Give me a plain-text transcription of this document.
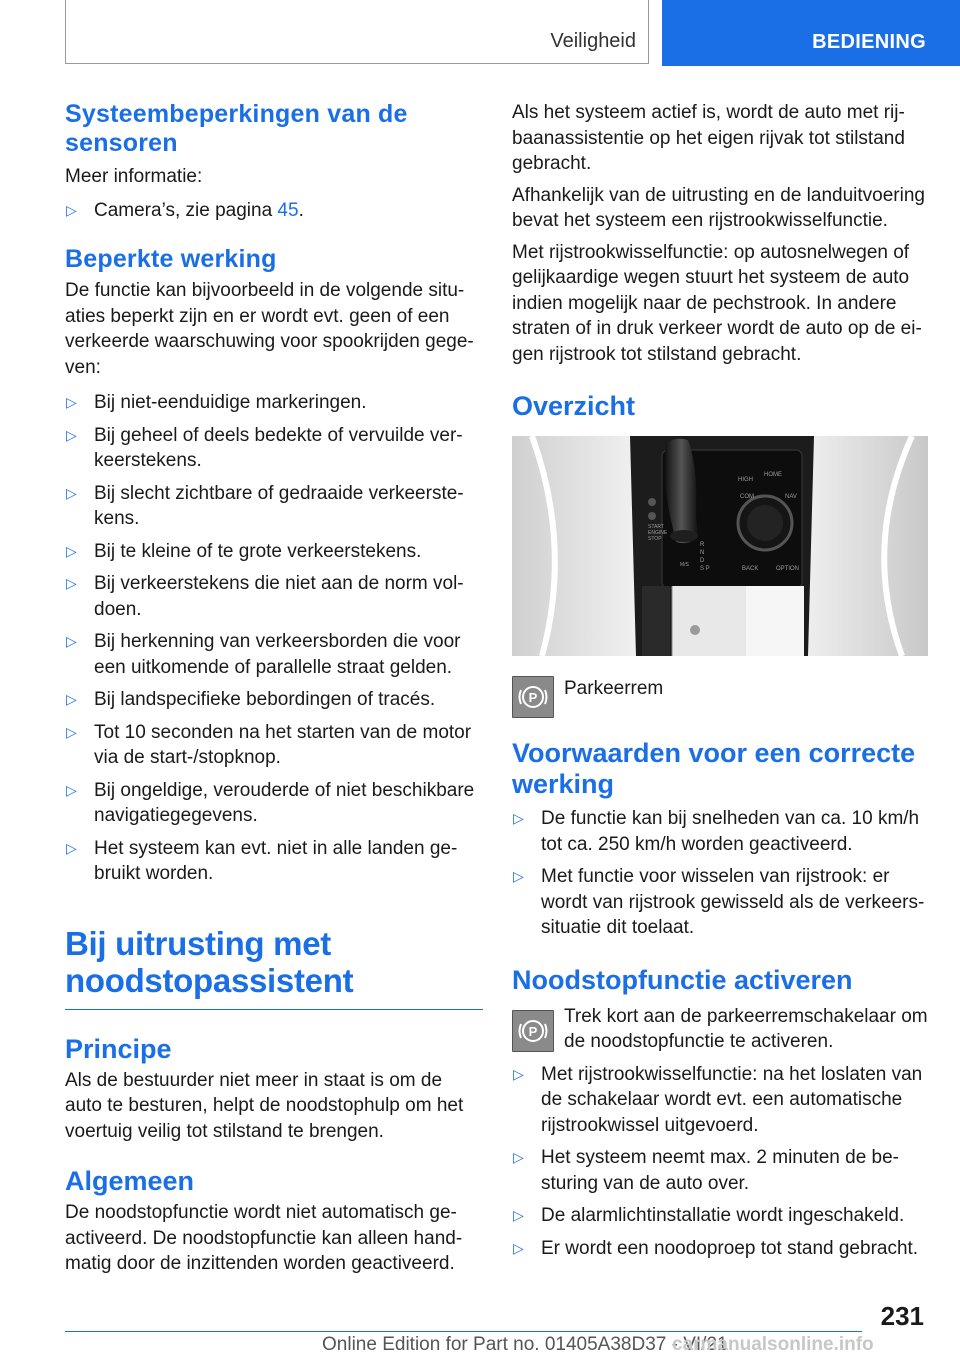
Veiligheid	BEDIENING
Systeembeperkingen van de
sensoren

Meer informatie:

▷ Camera’s, zie pagina 45.
Beperkte werking

De functie kan bijvoorbeeld in de volgende situ-
aties beperkt zijn en er wordt evt. geen of een
verkeerde waarschuwing voor spookrijden gege-
ven:

▷ Bij niet-eenduidige markeringen.
▷ Bij geheel of deels bedekte of vervuilde ver-
keerstekens.
▷ Bij slecht zichtbare of gedraaide verkeerste-
kens.
▷ Bij te kleine of te grote verkeerstekens.
▷ Bij verkeerstekens die niet aan de norm vol-
doen.
▷ Bij herkenning van verkeersborden die voor
een uitkomende of parallelle straat gelden.
▷ Bij landspecifieke bebordingen of tracés.
▷ Tot 10 seconden na het starten van de motor
via de start-/stopknop.
▷ Bij ongeldige, verouderde of niet beschikbare
navigatiegegevens.
▷ Het systeem kan evt. niet in alle landen ge-
bruikt worden.
Bij uitrusting met
noodstopassistent
Principe

Als de bestuurder niet meer in staat is om de
auto te besturen, helpt de noodstophulp om het
voertuig veilig tot stilstand te brengen.

Algemeen

De noodstopfunctie wordt niet automatisch ge-
activeerd. De noodstopfunctie kan alleen hand-
matig door de inzittenden worden geactiveerd.

Als het systeem actief is, wordt de auto met rij-
baanassistentie op het eigen rijvak tot stilstand
gebracht.

Afhankelijk van de uitrusting en de landuitvoering
bevat het systeem een rijstrookwisselfunctie.

Met rijstrookwisselfunctie: op autosnelwegen of
gelijkaardige wegen stuurt het systeem de auto
indien mogelijk naar de pechstrook. In andere
straten of in druk verkeer wordt de auto op de ei-
gen rijstrook tot stilstand gebracht.

Overzicht
HIGH
HOME
COM	NAV
BACK	OPTION
START
ENGINE
STOP
R
N
D
S P
M/S
P Parkeerrem
Voorwaarden voor een correcte
werking
▷ De functie kan bij snelheden van ca. 10 km/h
tot ca. 250 km/h worden geactiveerd.
▷ Met functie voor wisselen van rijstrook: er
wordt van rijstrook gewisseld als de verkeers-
situatie dit toelaat.
Noodstopfunctie activeren
P
Trek kort aan de parkeerremschakelaar om
de noodstopfunctie te activeren.
▷ Met rijstrookwisselfunctie: na het loslaten van
de schakelaar wordt evt. een automatische
rijstrookwissel uitgevoerd.
▷ Het systeem neemt max. 2 minuten de be-
sturing van de auto over.
▷ De alarmlichtinstallatie wordt ingeschakeld.
▷ Er wordt een noodoproep tot stand gebracht.
231
Online Edition for Part no. 01405A38D37 - VI/21
carmanualsonline.info
